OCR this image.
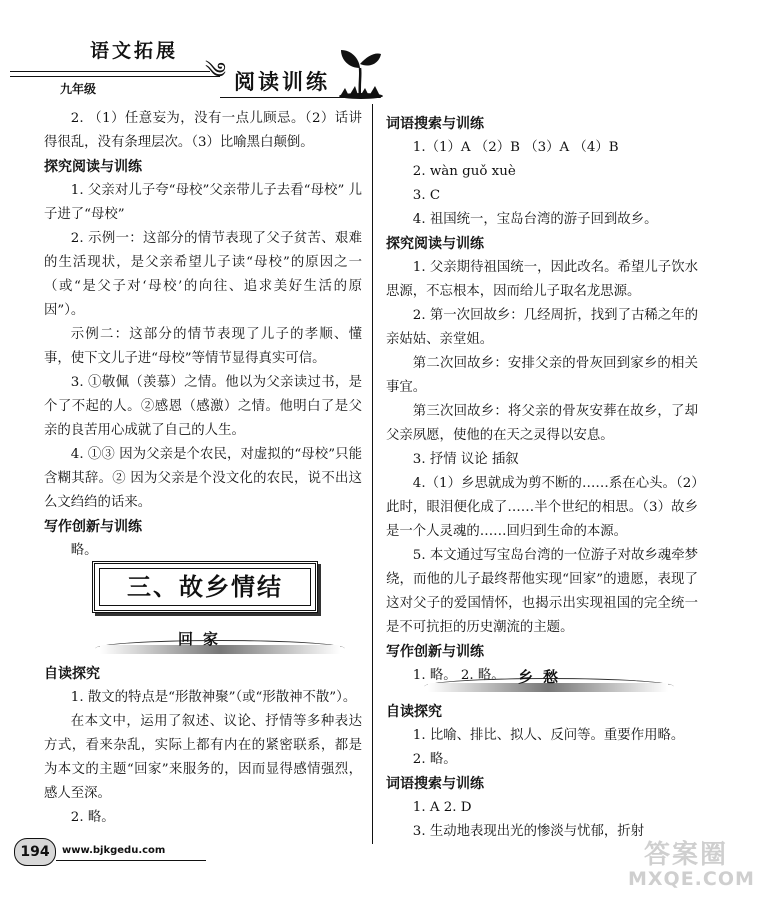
语文拓展
༄
九年级	阅读训练

2. （1）任意妄为，没有一点儿顾忌。（2）话讲得很乱，没有条理层次。（3）比喻黑白颠倒。

探究阅读与训练

1. 父亲对儿子夸“母校”父亲带儿子去看“母校” 儿子进了“母校”

2. 示例一：这部分的情节表现了父子贫苦、艰难的生活现状，是父亲希望儿子读“母校”的原因之一（或“是父子对‘母校’的向往、追求美好生活的原因”）。

示例二：这部分的情节表现了儿子的孝顺、懂事，使下文儿子进“母校”等情节显得真实可信。

3. ①敬佩（羡慕）之情。他以为父亲读过书，是个了不起的人。②感恩（感激）之情。他明白了是父亲的良苦用心成就了自己的人生。

4. ①③ 因为父亲是个农民，对虚拟的“母校”只能含糊其辞。② 因为父亲是个没文化的农民，说不出这么文绉绉的话来。

写作创新与训练

略。

三、故乡情结
回家

自读探究

1. 散文的特点是“形散神聚”（或“形散神不散”）。

在本文中，运用了叙述、议论、抒情等多种表达方式，看来杂乱，实际上都有内在的紧密联系，都是为本文的主题“回家”来服务的，因而显得感情强烈，感人至深。

2. 略。

词语搜索与训练

1.（1）A （2）B （3）A （4）B

2. wàn guǒ xuè

3. C

4. 祖国统一，宝岛台湾的游子回到故乡。

探究阅读与训练

1. 父亲期待祖国统一，因此改名。希望儿子饮水思源，不忘根本，因而给儿子取名龙思源。

2. 第一次回故乡：几经周折，找到了古稀之年的亲姑姑、亲堂姐。

第二次回故乡：安排父亲的骨灰回到家乡的相关事宜。

第三次回故乡：将父亲的骨灰安葬在故乡，了却父亲夙愿，使他的在天之灵得以安息。

3. 抒情 议论 插叙

4.（1）乡思就成为剪不断的……系在心头。（2）此时，眼泪便化成了……半个世纪的相思。（3）故乡是一个人灵魂的……回归到生命的本源。

5. 本文通过写宝岛台湾的一位游子对故乡魂牵梦绕，而他的儿子最终帮他实现“回家”的遗愿，表现了这对父子的爱国情怀，也揭示出实现祖国的完全统一是不可抗拒的历史潮流的主题。

写作创新与训练

1. 略。 2. 略。 乡愁

自读探究

1. 比喻、排比、拟人、反问等。重要作用略。

2. 略。

词语搜索与训练

1. A 2. D

3. 生动地表现出光的惨淡与忧郁，折射

194	www.bjkgedu.com	答案圈
MXQE.COM
